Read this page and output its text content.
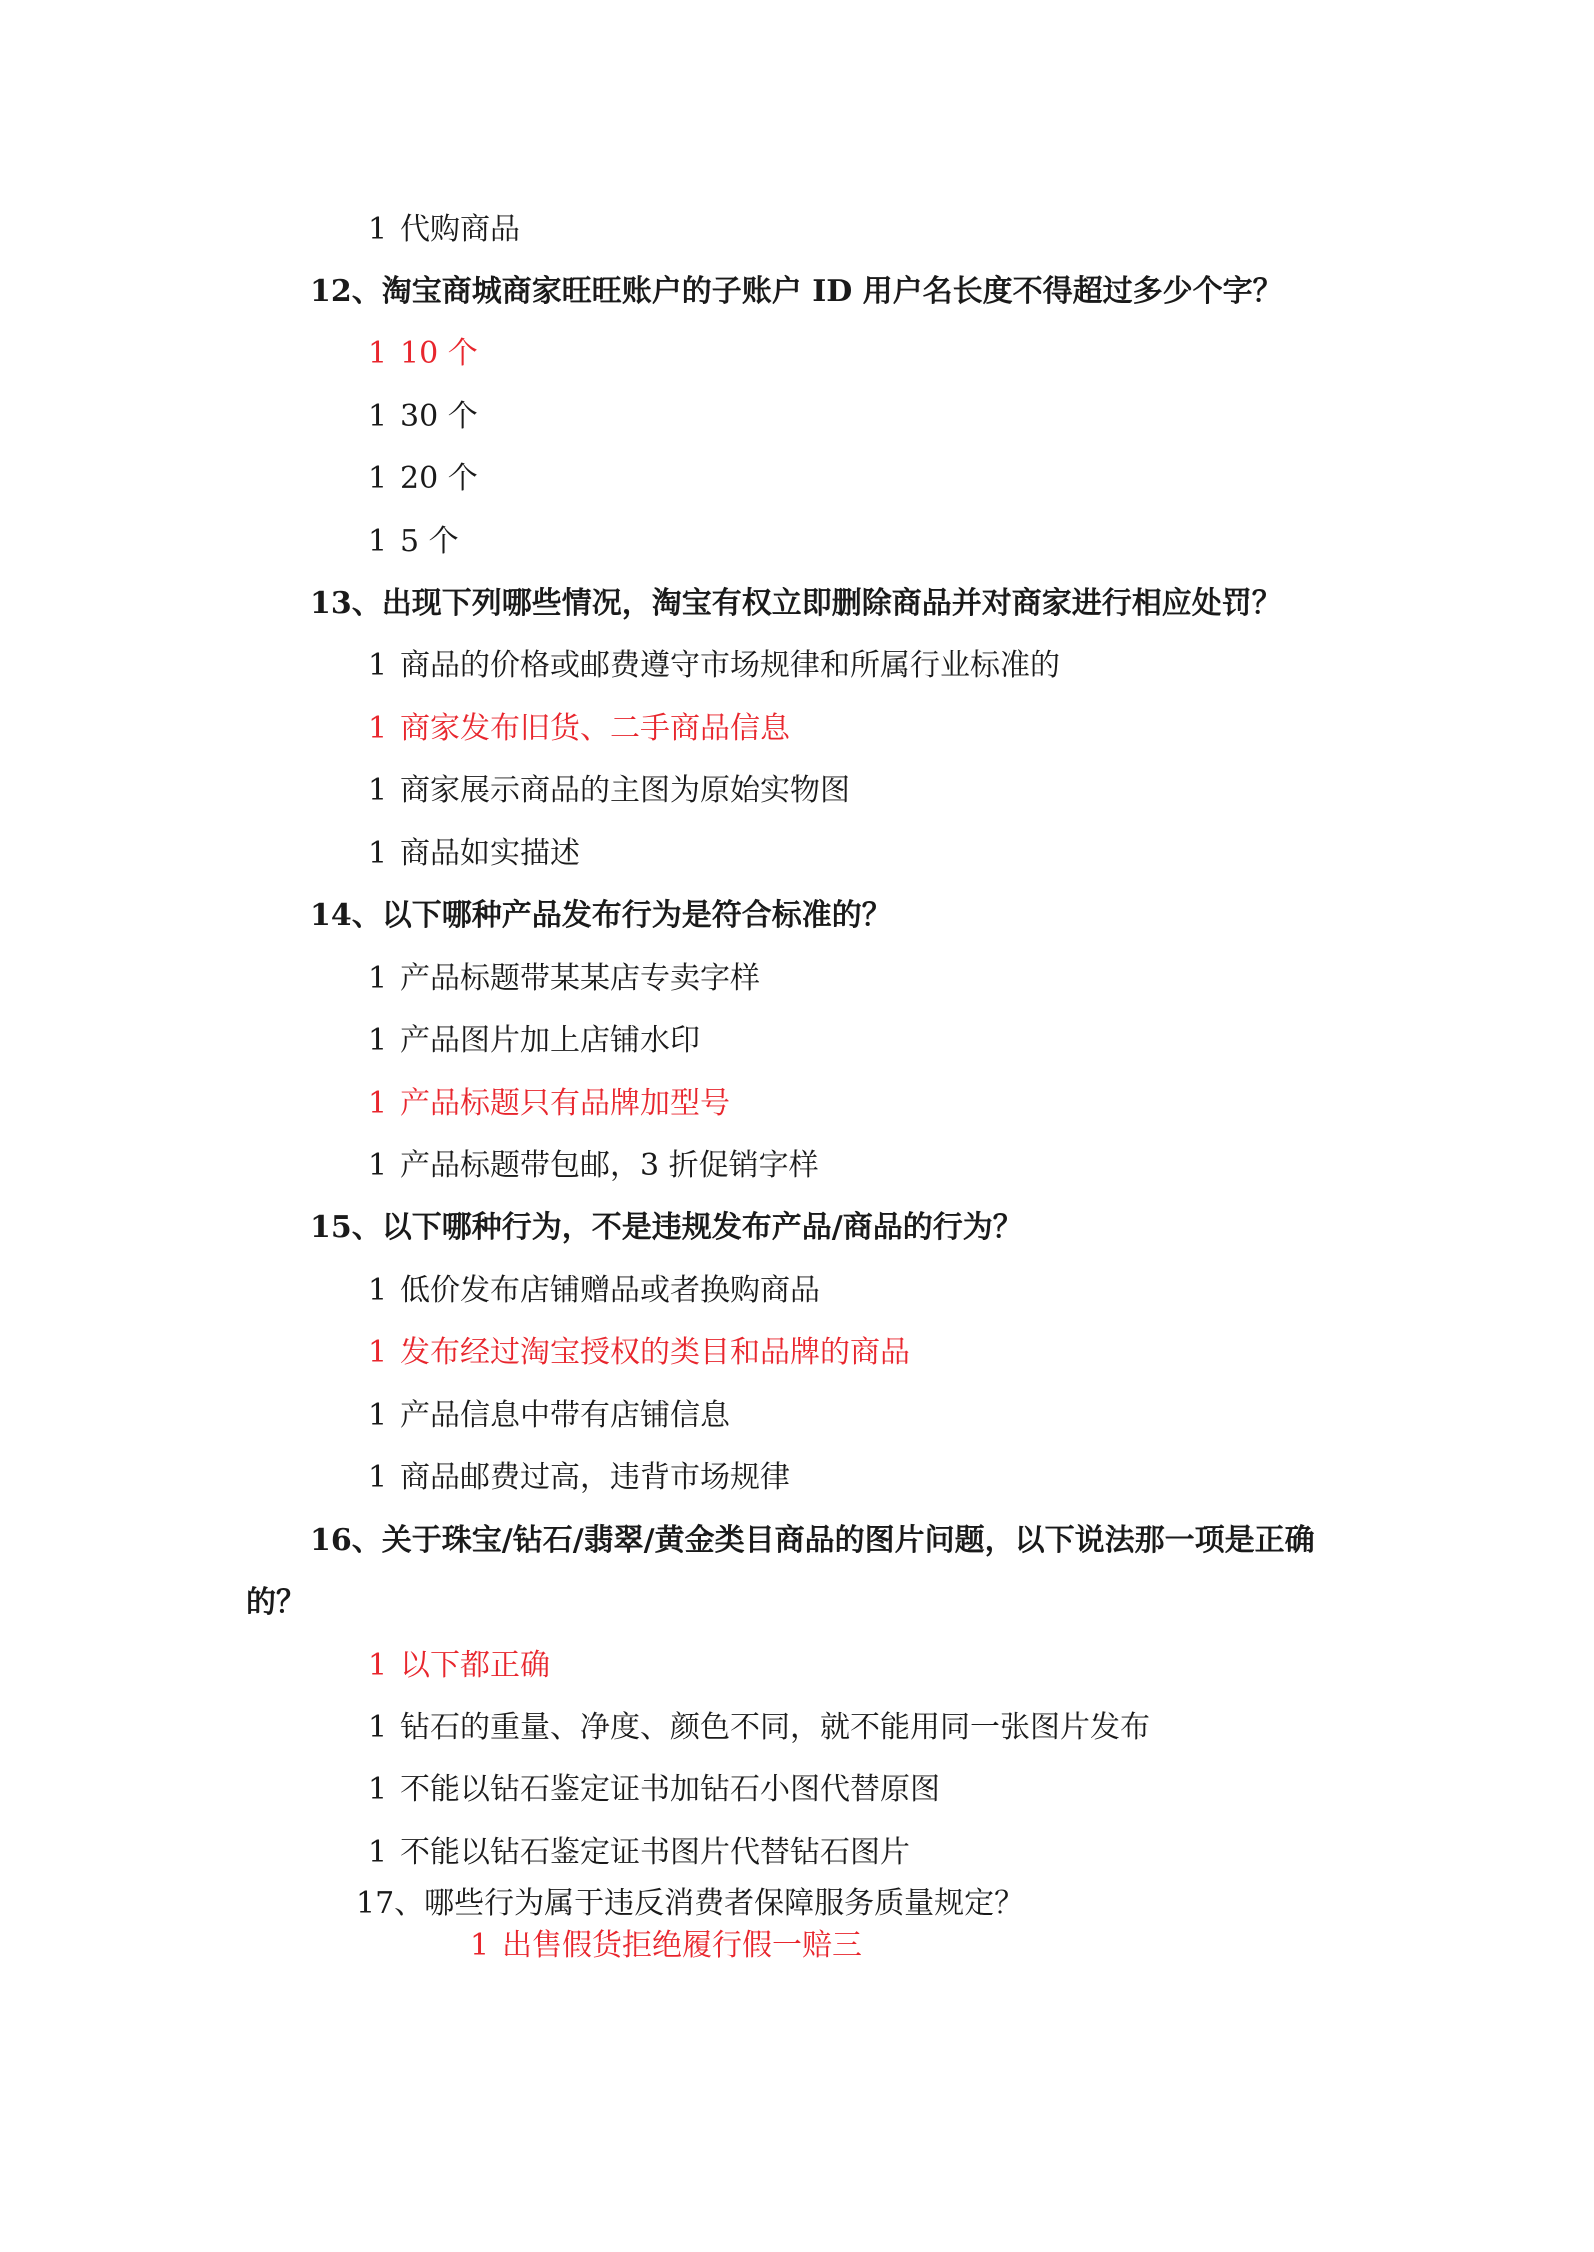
1 代购商品
12、淘宝商城商家旺旺账户的子账户 ID 用户名长度不得超过多少个字？
1 10 个
1 30 个
1 20 个
1 5 个
13、出现下列哪些情况，淘宝有权立即删除商品并对商家进行相应处罚？
1 商品的价格或邮费遵守市场规律和所属行业标准的
1 商家发布旧货、二手商品信息
1 商家展示商品的主图为原始实物图
1 商品如实描述
14、以下哪种产品发布行为是符合标准的？
1 产品标题带某某店专卖字样
1 产品图片加上店铺水印
1 产品标题只有品牌加型号
1 产品标题带包邮，3 折促销字样
15、以下哪种行为，不是违规发布产品/商品的行为？
1 低价发布店铺赠品或者换购商品
1 发布经过淘宝授权的类目和品牌的商品
1 产品信息中带有店铺信息
1 商品邮费过高，违背市场规律
16、关于珠宝/钻石/翡翠/黄金类目商品的图片问题，以下说法那一项是正确
的？
1 以下都正确
1 钻石的重量、净度、颜色不同，就不能用同一张图片发布
1 不能以钻石鉴定证书加钻石小图代替原图
1 不能以钻石鉴定证书图片代替钻石图片
17、哪些行为属于违反消费者保障服务质量规定？
1 出售假货拒绝履行假一赔三
